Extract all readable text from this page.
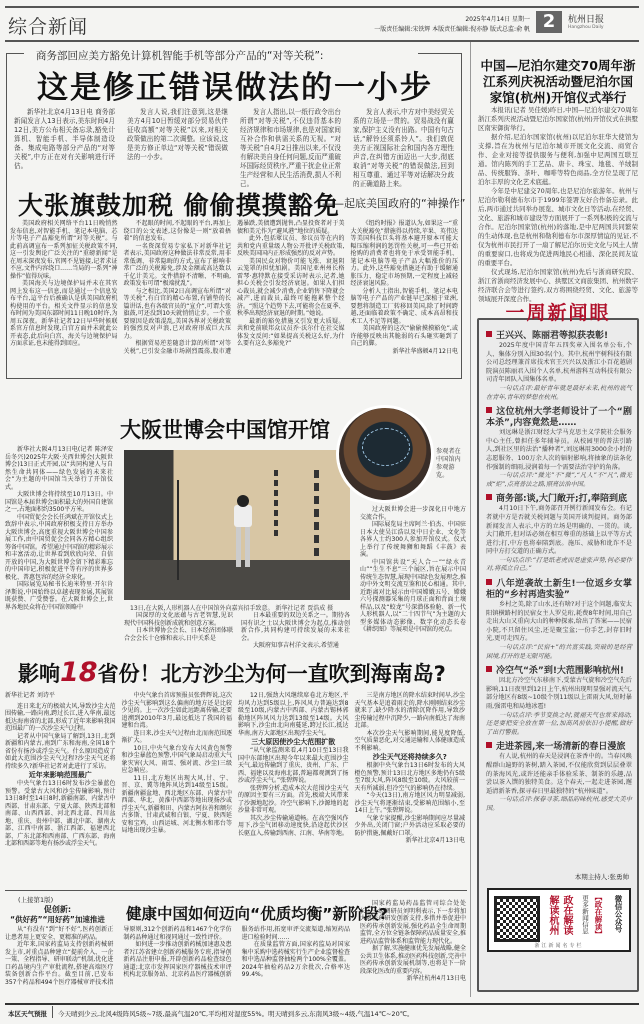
综合新闻	2025年4月14日 星期一
一版责任编辑:宋铁辉 本版责任编辑:倪亦静 版式总监:俞 帆 2	杭州日报
Hangzhou Daily
商务部回应美方豁免计算机智能手机等部分产品的“对等关税”:
这是修正错误做法的一小步

新华社北京4月13日电 商务部新闻发言人13日表示,美东时间4月12日,美方公布相关备忘录,豁免计算机、智能手机、半导体制造设备、集成电路等部分产品的“对等关税”,中方正在对有关影响进行评估。

发言人说,我们注意到,这是继美方4月10日暂缓对部分贸易伙伴征收高额“对等关税”以来,对相关政策做出的第二次调整。应该说,这是美方修正单边“对等关税”错误做法的一小步。

发言人指出,以一纸行政令出台所谓“对等关税”,不仅违背基本的经济规律和市场规律,也是对国家间互补合作和供需关系的无视。“对等关税”自4月2日推出以来,不仅没有解决美自身任何问题,反而严重破坏国际经贸秩序,严重干扰企业正常生产经营和人民生活消费,损人不利己。

发言人表示,中方对中美经贸关系的立场是一贯的。贸易战没有赢家,保护主义没有出路。中国有句古话,“解铃还须系铃人”。我们敦促美方正视国际社会和国内各方理性声音,在纠错方面迈出一大步,彻底取消“对等关税”的错误做法,回到相互尊重、通过平等对话解决分歧的正确道路上来。

大张旗鼓加税 偷偷摸摸豁免
——起底美国政府的“神操作”

美国政府相关网络平台11日晚悄然发布信息,对智能手机、笔记本电脑、芯片等电子产品豁免所谓“对等关税”。与此前高调宣布一系列加征关税政策不同,这一引发舆论广泛关注的“重磅新闻”是在周末深夜发布,官网不见链接,记者求证不应,文件内容绕口……当局的一系列“神操作”值得玩味。

美国海关与边境保护局并未在其官网上发布这一信息,而是通过一个信息发布平台,這平台后被确认是供美国政府机构使用的平台。相关文件显示的信息发布时间为美国东部时间11日晚10时许,为周五深夜。新华社记者12日早些时候联系官方信息时发现,白宫方面并未就此公开表态,此后向白宫、海关与边境保护局方面求证,也未能得到回应。

不起眼的时间,不起眼的平台,再加上绕口的公文表述,这份像是一则“放着捂着”的信息发布。

一名资深贸易专家私下对新华社记者表示,美国政府这种做法非常反常,用非常低调、非常隐晦的方式,宣布了影响非常广泛的关税豁免,涉及金额或高达数以千亿计美元。文件措辞不清晰、不明确,政策发布可谓“极端扰乱”。

与之相比,美国2日高调宣布所谓“对等关税”,有白宫的精心布置,有铺垫的长篇讲话,也有各级官员的“宣介”,可谓大张旗鼓,可还没到10天就悄悄让步。一个重要原因是政策混乱,美国各界对关税政策的强烈反对声浪,已对政府形成巨大压力。

根据贸易逆差随意计算的所谓“对等关税”,已引发金融市场剧烈震荡,股市遭遇暴跌,美债遭到抛售,凸显投资者对于美债和美元作为“避风港”地位的质疑。

此外,包括眾议员、参议员等在内的共和党内重量级人物公开批评关税政策,反映美国国内正形成强烈的反对声势。

美国民众对物价可能飞涨、衰退阴云笼罩的担忧加剧。美国尼亚州州长格雷琴·惠特默在接受采访时表示,记者,她担心关税会引发经济衰退。如果人们担心裁员,就会减少消费,企业销售下降就会减产,进而裁员,最终可能拖累整个经济。“照这个趋势下去,可能将会在夏季、秋季出现经济衰退的时期。”她说。

最新的豁免措施又引发更大质疑。共和党前联邦众议员乔·沃尔什在社交媒体发文反问:“如果提高关税这么好,为什么要有这么多豁免?”

《纽约时报》报道认为,如果这一“重大关税豁免”措施得以持续,苹果、英伟达等美国科技巨头将基本避开原本可能大幅压缩利润的惩罚性关税,可一些已开始抢购的消费者也将免于承受智能手机、笔记本电脑等电子产品大幅涨价的压力。此外,这些豁免措施还有助于缓解通胀压力、稳定市场预期,一定程度上减轻经济衰退风险。

分析人士指出,智能手机、笔记本电脑等电子产品的产业链早已深植于亚洲,要想将制造工厂转移回美国,除了时间跨越,还面临着政策不确定、成本高昂和技术工人不足等问题。

美国政府的这次“偷偷摸摸豁免”,或许能够反映出其脆弱的石头砸实砸到了自己的脚。

新华社华盛顿4月12日电

大阪世博会中国馆开馆

新华社大阪4月13日电(记者 陈泽安 岳冬兴)2025年大阪·关西世博会(大阪世博会)13日正式开园,以“共同构建人与自然生命共同体——绿色发展的未来社会”为主题的中国馆当天举行了开馆仪式。

大阪世博会将持续至10月13日。中国馆是本届世博会面积最大的外国自建馆之一,占地面积约3500平方米。

中国贸促会会长任鸿斌在开馆仪式上致辞中表示,中国政府积极支持日方举办大阪世博会,高度重视大阪世博会中国参展工作,由中国贸促会会同各方精心组织筹备中国馆。希望通过中国馆的精彩展示和丰富活动,让世界看到欣欣向荣、自信开放的中国,为大阪世博会留下精彩难忘的中国印记,积极促进平等有序的世界多极化、普惠包容的经济全球化。

国际展览局秘书长迪米特里·开尔肯泽斯说,中国始终以卓越表现参展,其展馆既获赞、广受赞誉。在大阪世博会上,世界各地民众将在中国馆领略中

参观者在中国馆内参观游览。
13日,在大阪,人形机器人在中国馆外向嘉宾招手致意。 新华社记者 贾浩成 摄

国深厚的文化底蕴与古老智慧,见识现代中国科技创新成就和创意方案。

日本世博协会会长、日本经济团体联合会会长十仓雅和表示,日中关系是

日本最重要的双边关系之一。期待各国有识之士以大阪世博会为起点,推动创新合作,共同构建可持续发展的未来社会。

大阪府知事吉村洋文表示,希望通

过大阪世博会进一步深化日中地方交流合作。

国际展览局主席阿兰·伯杰、中国驻日本大使吴江浩以及中日企业、文化等各界人士约300人参加开馆仪式。仪式上举行了传统舞狮和舞蹈《丰鼓》表演。

中国馆共设“天人合一”“绿水青山”“生生不息”三个展区,旨在展示中国传统生态智慧,展现中国绿色发展理念,推动中外文明交流互鉴和民心相通。其中,近距离对比展示由中国嫦娥五号、嫦娥六号探测器采集的月球正面和背面土壤样品,以及“蛟龙”号深潜体验舱、新一代人形机器人,以“二十四节气”为主题的大型多媒体动态影像、数字化动态长卷《耕织图》等展项是中国馆的亮点。

影响18省份！北方沙尘为何一直吹到海南岛?

新华社记者 刘诗平

连日来北方的极端大风,导致沙尘大范围传输,一路向南,跨过长江,进入华南,最远抵达海南省的北部,形成了近年来影响我国范围最广的一次沙尘天气过程。

记者从中国气象局了解到,13日,北到新疆和内蒙古,南到广东和海南,全国18个省份有扬沙或浮尘天气。什么原因造成了如此大范围沙尘天气过程?沙尘天气还将持续多久?新华社记者对此进行了采访。

近年来影响范围最广

中央气象台13日6时发布沙尘暴蓝色预警。受蒙古大风和沙尘传输影响,预计13日8时至14日8时,新疆南部、内蒙古中西部、甘肃东部、宁夏大部、陕西北部和南部、山西西部、河北西北部、四川盆地、重庆、贵州中部、湖北中部、湖南大部、江西中南部、浙江西部、福建西北部、广东北部和西南部、广西东部、海南北部和西部等地有扬沙或浮尘天气。

中央气象台首席预报员张碧辉说,这次沙尘天气影响到这么偏南的地方还是比较少见的。上一次沙尘如此远距离传输,还要追溯到2010年3月,最远抵达了我国的福建和台湾。

连日来,沙尘天气过程由北而南范围逐渐扩大。

10日,中央气象台发布大风黄色预警和沙尘暴蓝色预警,中国气象局启动重大气象灾害(大风、雨雪、强对流、沙尘)三级应急响应。

11日,北方地区出现大风,甘、宁、晋、京、冀等地阵风达到14级至15级。新疆南疆盆地、西北地区东部、内蒙古中西部、华北、黄淮中西部等地出现扬沙或浮尘天气,新疆和田、内蒙古阿拉善和额尔古多斯、甘肃武威和白银、宁夏、陕西延安和宝鸡、山西运城、河北衡水和邢台等局地出现沙尘暴。

12日,强劲大风继续席卷北方地区,平均风力达到5级以上,阵风风力普遍达到8级至10级,内蒙古中西部、内蒙古锡林郭勒地区阵风风力达到13级至14级。大风影响下,沙尘由北向南蔓延,跨过长江,抵达华南,南方大部地区出现浮尘天气。

三大原因使沙尘大范围扩散

“从气象监测来看,4月10日至13日我国中东部地区出现今年以来最大范围沙尘天气,最远传输到了重庆、贵州、广东、广西、福建以及海南北部,普遍都观测到了扬沙或浮尘天气。”张碧辉说。

张碧辉分析,造成本次大范围沙尘天气的原因主要有三方面。首先,极端大风带来了沙源地起沙。冷空气影响下,沙源地的起沙量非常可观。

其次,沙尘传输通道畅。在高空强风作用下,沙尘气团移动速度快,沿途起伏沙区长驱直入,传输到西南、江南、华南等地。

三是南方地区的降水结束时间早,沙尘天气基本是追着雨走的,降水刚刚结束沙尘就来了,缺少降水的清除沉降作用,导致沙尘传输过程中沉降少,一路向南抵达了海南北部。

本次沙尘天气影响期间,能见度降低,空气质量恶化,对交通运输和人体健康造成不利影响。

沙尘天气还将持续多久?

根据中央气象台13日6时发布的大风橙色预警,预计13日北方地区多地仍有5级至7级大风,阵风8级至10级。大风较前一天有所减弱,但冷空气的影响仍在持续。

“今天(13日),南方地区风力明显减弱,沙尘天气将逐渐结束,受影响范围缩小,至14日上午。”张碧辉说。

气象专家提醒,沙尘影响期间应尽量减少外出,关闭门窗;户外活动应采取必要的防护措施,佩戴好口罩。

新华社北京4月13日电

(上接第1版)
促创新:
“供好药”“用好药”加速推进	健康中国如何迈向“优质均衡”新阶段?

从“有没有”到“好不好”,医药创新正让患者用上更安全、更精准的药品。

近年来,国家药监局支持创新药械研发上市,对重点品种建立“提前介入、一企一策、全程指导、研审联动”机制,优化进口药品境内生产审批流程,搭建高端医疗装备创新合作平台。截至目前,已发布357个药品和494个医疗器械审评技术指导原则,312个创新药品和1467个化学仿制药品种通过和视同通过一致性评价。

如何进一步推动创新药械加速惠及患者?江苏省建立创新药械服务专班,指导创新药品注册申报,开辟创新药品检查绿色通道;北京市发挥国家医疗器械技术审评机构北京服务站、北京药品医疗器械创新服务站作用,拓宽审评交流渠道,缩短药品进口检验时间……

在质量监管方面,国家药监局对国家集中采购中选药械实行生产企业监督检查和中选品种监督抽检两个100%全覆盖。2024年抽检药品2万余批次,合格率达99.4%。

国家药监局药品监管司综合处处长、一级调研员刘明利表示,下一步将加大对医药研发创新支持,多措并举促进中医药传承创新发展,强化药品全生命周期监管,全方位全链条保障药品质量安全,推进药品监管体系和监管能力现代化。

据了解,实施健康优先发展战略,健全公共卫生体系,推动医药科技创新,完善中医药传承创新发展机制等,也将是下一阶段深化医改的重要内容。

新华社杭州4月13日电

本区天气预报 今天晴到少云,北风4级阵风5级~7级,最高气温20℃,平均相对湿度55%。明天晴到多云,东南风3级~4级,气温14℃~20℃。
中国—尼泊尔建交70周年浙江系列庆祝活动暨尼泊尔国家馆(杭州)开馆仪式举行

本报讯(记者 吴佳媛)昨日,中国—尼泊尔建交70周年浙江系列庆祝活动暨尼泊尔国家馆(杭州)开馆仪式在拱墅区南宋御街举行。

据介绍,尼泊尔国家馆(杭州)以尼泊尔驻华大使馆为支撑,旨在为杭州与尼泊尔城市开展文化交流、商贸合作、企业对接等提供服务与便利,加强中尼两国互联互通。馆内陈列的手工艺品、唐卡、珠宝、地毯、羊绒制品、传统服饰、茶叶、咖啡等特色商品,全方位呈现了尼泊尔丰厚的文化艺术底蕴。

今年是中尼建交70周年,也是尼泊尔旅游年。杭州与尼泊尔勒利德布尔市于1999年签署友好合作备忘录。此后,两市通过共同举办展览、城市文化日等活动,在经贸、文化、旅游和城市建设等方面展开了一系列积极的交流与合作。尼泊尔国家馆(杭州)的落地,是中尼两国共同繁荣的生动体现,也是杭州和勒利德布尔市深厚情谊的见证,不仅为杭州市民打开了一扇了解尼泊尔历史文化与风土人情的重要窗口,也将成为促进两地民心相通、深化民间友谊的重要平台。

仪式现场,尼泊尔国家馆(杭州)先后与浙商研究院、浙江省浙商经济发展中心、拱墅区文商旅集团、杭州数字经济联合会等进行签约,双方将围绕经贸、文化、旅游等领域展开深度合作。

一周新闻眼
王兴兴、陈丽君等拟获表彰!

2025年度中国青年五四奖章入围名单公布,个人、集体分别入围30名(个)。其中,杭州宇树科技有限公司总经理兼首席技术官王兴兴以及浙江小百花越剧院演员陈丽君入围个人名单,杭州游科互动科技有限公司青年团队入围集体名单。

一句话点评:最好青年就是最好未来,杭州的底气在青年,青年的梦想在杭州。

这位杭州大学老师设计了一个“剧本杀”,内容竟然是……

刘远琳是浙江财经大学马克思主义学院社会服务中心主任,曾担任多年辅导员。从校园里的普法引路人,到社区里的法治“播种者”,刘远琳用3000余小时的志愿服务、100万余人次的辐射影响,将抽象的法条化作强制的细雨,浸润着每一个需要法治守护的角落。

一句话点评:“微光”不“微”,“凡人”不“凡”,微光成“炬”,点亮普法之路,照亮法治中国。

商务部:谈,大门敞开;打,奉陪到底

4月10日下午,商务部召开例行新闻发布会。有记者就中方是否就关税问题与美国开谈判提问。商务部新闻发言人表示,中方的立场是明确的、一贯的。谈,大门敞开,但对话必须在相互尊重的基础上以平等方式进行;打,中方也将奉陪到底。施压、威胁和讹诈不是同中方打交道的正确方式。

一句话点评:“打是纸老虎而是虚张声势,何必要作对,将孤立自己。”

八年逆袭故土新生!一位返乡女掌柜的“乡村再造实验”

乡村之美,除了山水,还有啥?对于这个问题,临安太阳镇横路村的民宿女主人罗兑珩,耗费8年时间,用自己走出大山又重向大山的种种探索,给出了答案——民宿小院,不只留住风尘,还是聚宝盆;一份手艺,封存旧时光,更可走四方。

一句话点评:“民宿+”的共富实践,突破的是经营困境,打开的是无限可能。

冷空气“杀”到!大范围影响杭州!

因北方冷空气东移南下,受蒙古气旋和冷空气先后影响,11日夜里到12日上午,杭州出现明显强对流天气,部分地区有8级~10级个别11级以上雷雨大风,短时暴雨,强雷电和局地冰雹!

一句话点评:季节变换之时,就福天气也常来捣动,还是要把安全放在第一位,加高风前依旧小提醒,做好了出行警报。

走进茶园,来一场清新的春日漫旅

有人说,杭州的春天是浸润在茶香中的。当春风唤醒群山遍野的茶树,踏入茶园,不仅能欣赏到层层叠翠的茶海风光,或许还能亲手体验采茶、制茶的乐趣,品尝以茶入馔的独特美食。这个春天,一起走进茶园,邂逅清新茶香,探寻春日里最独特的“杭州味道”。

一句话点评:探春寻茶,细品韵味杭州,感受大美中国。

本期主持人:张勇帅
解读杭州 政在解读	更多新闻信息 【政在解读】 微信公众号
浙江新闻名专栏
